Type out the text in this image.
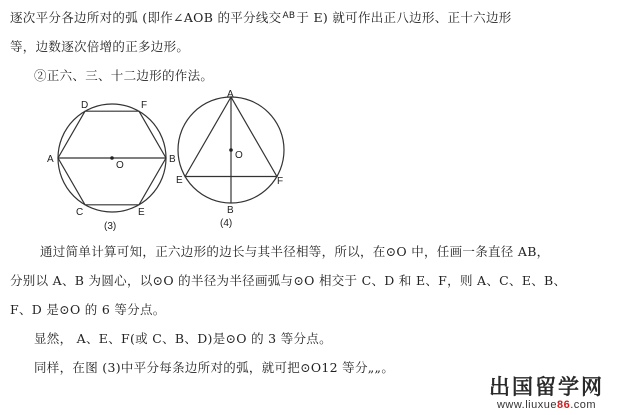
逐次平分各边所对的弧 (即作∠AOB 的平分线交AB于 E) 就可作出正八边形、正十六边形
等，边数逐次倍增的正多边形。
②正六、三、十二边形的作法。
D	F
A	B
O
C	E
(3)
A
O
E	F
B
(4)
通过简单计算可知，正六边形的边长与其半径相等，所以，在⊙O 中，任画一条直径 AB，
分别以 A、B 为圆心，以⊙O 的半径为半径画弧与⊙O 相交于 C、D 和 E、F，则 A、C、E、B、
F、D 是⊙O 的 6 等分点。
显然， A、E、F(或 C、B、D)是⊙O 的 3 等分点。
同样，在图 (3)中平分每条边所对的弧，就可把⊙O12 等分„„。
出国留学网
www.liuxue86.com
